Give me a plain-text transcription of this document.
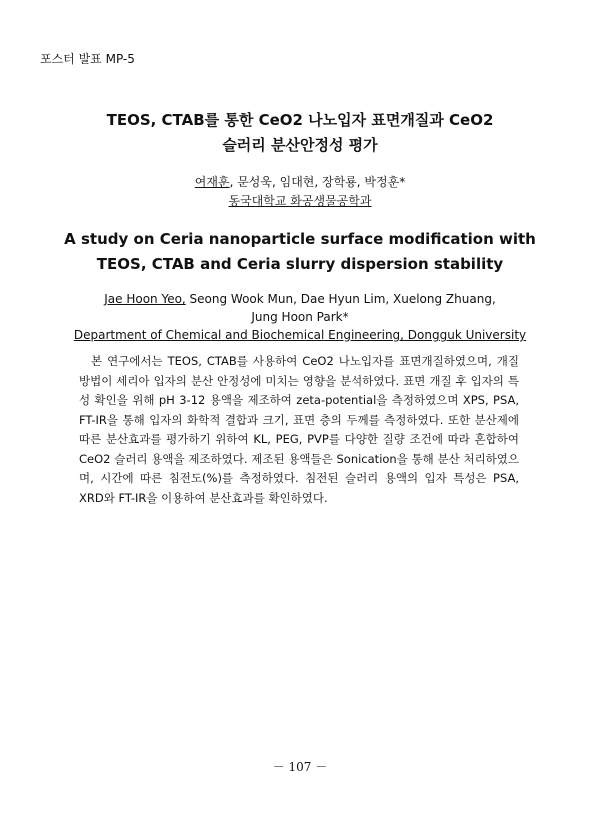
포스터 발표 MP-5
TEOS, CTAB를 통한 CeO2 나노입자 표면개질과 CeO2
슬러리 분산안정성 평가
여재훈, 문성욱, 임대현, 장학룡, 박정훈*
동국대학교 화공생물공학과
A study on Ceria nanoparticle surface modification with
TEOS, CTAB and Ceria slurry dispersion stability
Jae Hoon Yeo, Seong Wook Mun, Dae Hyun Lim, Xuelong Zhuang,
Jung Hoon Park*
Department of Chemical and Biochemical Engineering, Dongguk University

본 연구에서는 TEOS, CTAB를 사용하여 CeO2 나노입자를 표면개질하였으며, 개질 방법이 세리아 입자의 분산 안정성에 미치는 영향을 분석하였다. 표면 개질 후 입자의 특성 확인을 위해 pH 3-12 용액을 제조하여 zeta-potential을 측정하였으며 XPS, PSA, FT-IR을 통해 입자의 화학적 결합과 크기, 표면 층의 두께를 측정하였다. 또한 분산제에 따른 분산효과를 평가하기 위하여 KL, PEG, PVP를 다양한 질량 조건에 따라 혼합하여 CeO2 슬러리 용액을 제조하였다. 제조된 용액들은 Sonication을 통해 분산 처리하였으며, 시간에 따른 침전도(%)를 측정하였다. 침전된 슬러리 용액의 입자 특성은 PSA, XRD와 FT-IR을 이용하여 분산효과를 확인하였다.

－ 107 －
